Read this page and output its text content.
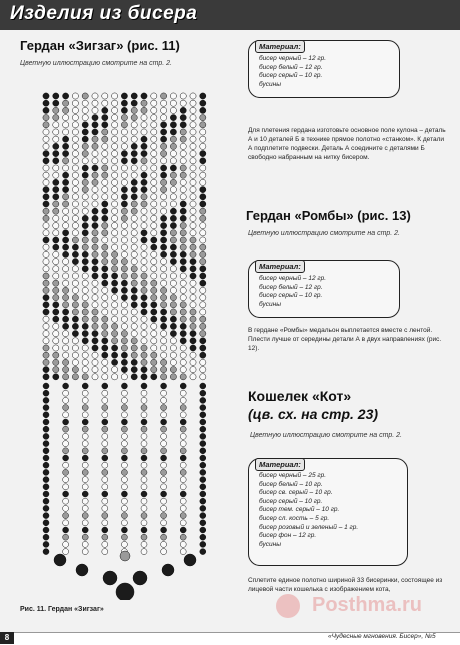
Изделия из бисера
Гердан «Зигзаг» (рис. 11)
Цветную иллюстрацию смотрите на стр. 2.
Рис. 11. Гердан «Зигзаг»
Материал:
бисер черный – 12 гр.
бисер белый – 12 гр.
бисер серый – 10 гр.
бусины
Для плетения гердана изготовьте основное поле кулона – деталь А и 10 деталей Б в технике прямое полотно «станком». К детали А подплетите подвески. Деталь А соедините с деталями Б свободно набранным на нитку бисером.
Гердан «Ромбы» (рис. 13)
Цветную иллюстрацию смотрите на стр. 2.
Материал:
бисер черный – 12 гр.
бисер белый – 12 гр.
бисер серый – 10 гр.
бусины
В гердане «Ромбы» медальон выплетается вместе с лентой. Плести лучше от середины детали А в двух направлениях (рис. 12).
Кошелек «Кот»
(цв. сх. на стр. 23)
Цветную иллюстрацию смотрите на стр. 2.
Материал:
бисер черный – 25 гр.
бисер белый – 10 гр.
бисер св. серый – 10 гр.
бисер серый – 10 гр.
бисер тем. серый – 10 гр.
бисер сл. кость – 5 гр.
бисер розовый и зеленый – 1 гр.
бисер фон – 12 гр.
бусины
Сплетите единое полотно шириной 33 бисеринки, состоящее из лицевой части кошелька с изображением кота,
Posthma.ru
8	«Чудесные мгновения. Бисер», №5
